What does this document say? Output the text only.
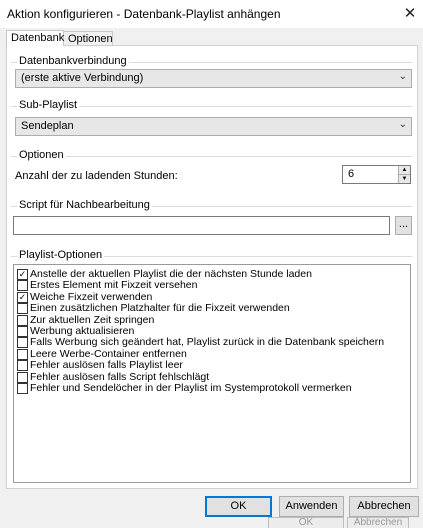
Aktion konfigurieren - Datenbank-Playlist anhängen	✕
Datenbank Optionen
Datenbankverbindung
(erste aktive Verbindung)	⌄
Sub-Playlist
Sendeplan	⌄
Optionen
Anzahl der zu ladenden Stunden:	6	▲
▼
Script für Nachbearbeitung
...
Playlist-Optionen
✓ Anstelle der aktuellen Playlist die der nächsten Stunde laden
Erstes Element mit Fixzeit versehen
✓ Weiche Fixzeit verwenden
Einen zusätzlichen Platzhalter für die Fixzeit verwenden
Zur aktuellen Zeit springen
Werbung aktualisieren
Falls Werbung sich geändert hat, Playlist zurück in die Datenbank speichern
Leere Werbe-Container entfernen
Fehler auslösen falls Playlist leer
Fehler auslösen falls Script fehlschlägt
Fehler und Sendelöcher in der Playlist im Systemprotokoll vermerken
OK	Anwenden	Abbrechen
OK	Abbrechen
